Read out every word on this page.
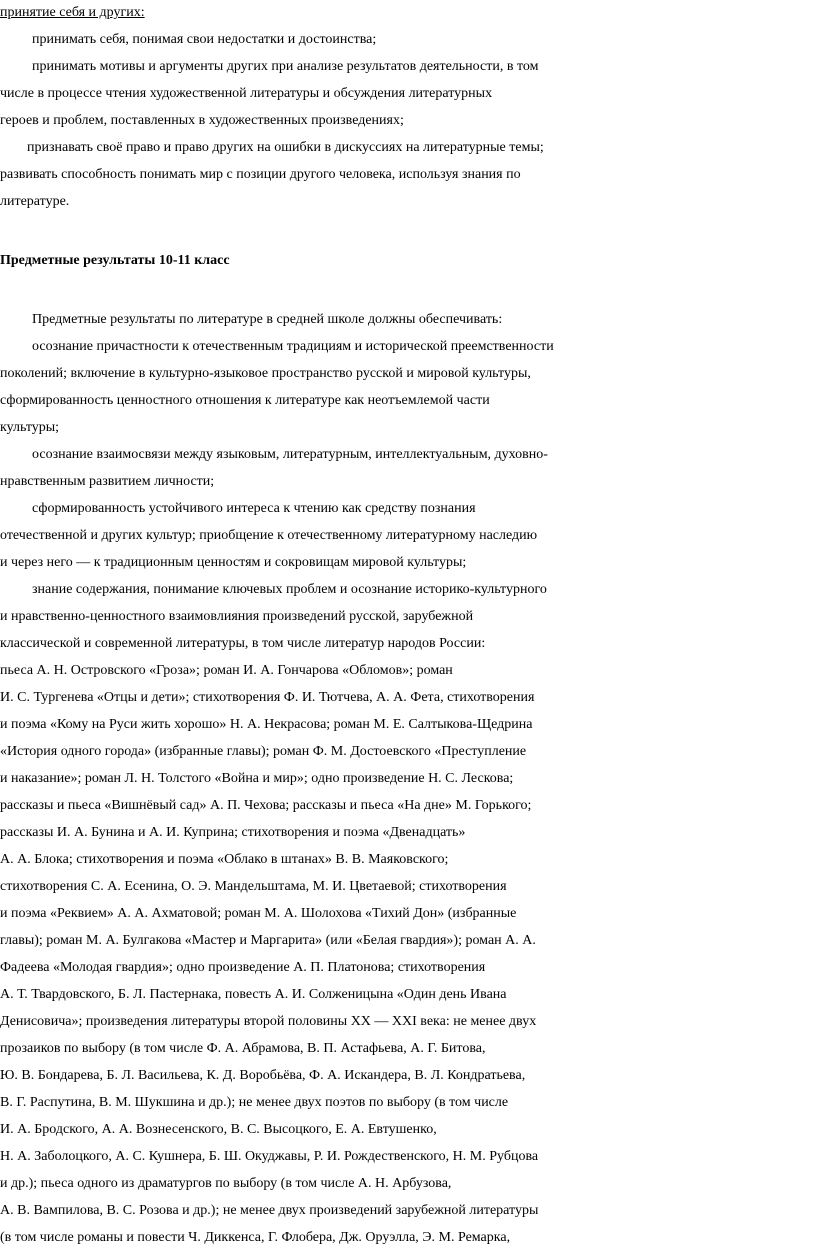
принятие себя и других:
принимать себя, понимая свои недостатки и достоинства;
принимать мотивы и аргументы других при анализе результатов деятельности, в том
числе в процессе чтения художественной литературы и обсуждения литературных
героев и проблем, поставленных в художественных произведениях;
признавать своё право и право других на ошибки в дискуссиях на литературные темы;
развивать способность понимать мир с позиции другого человека, используя знания по
литературе.
Предметные результаты 10-11 класс
Предметные результаты по литературе в средней школе должны обеспечивать:
осознание причастности к отечественным традициям и исторической преемственности
поколений; включение в культурно-языковое пространство русской и мировой культуры,
сформированность ценностного отношения к литературе как неотъемлемой части
культуры;
осознание взаимосвязи между языковым, литературным, интеллектуальным, духовно-
нравственным развитием личности;
сформированность устойчивого интереса к чтению как средству познания
отечественной и других культур; приобщение к отечественному литературному наследию
и через него — к традиционным ценностям и сокровищам мировой культуры;
знание содержания, понимание ключевых проблем и осознание историко-культурного
и нравственно-ценностного взаимовлияния произведений русской, зарубежной
классической и современной литературы, в том числе литератур народов России:
пьеса А. Н. Островского «Гроза»; роман И. А. Гончарова «Обломов»; роман
И. С. Тургенева «Отцы и дети»; стихотворения Ф. И. Тютчева, А. А. Фета, стихотворения
и поэма «Кому на Руси жить хорошо» Н. А. Некрасова; роман М. Е. Салтыкова-Щедрина
«История одного города» (избранные главы); роман Ф. М. Достоевского «Преступление
и наказание»; роман Л. Н. Толстого «Война и мир»; одно произведение Н. С. Лескова;
рассказы и пьеса «Вишнёвый сад» А. П. Чехова; рассказы и пьеса «На дне» М. Горького;
рассказы И. А. Бунина и А. И. Куприна; стихотворения и поэма «Двенадцать»
А. А. Блока; стихотворения и поэма «Облако в штанах» В. В. Маяковского;
стихотворения С. А. Есенина, О. Э. Мандельштама, М. И. Цветаевой; стихотворения
и поэма «Реквием» А. А. Ахматовой; роман М. А. Шолохова «Тихий Дон» (избранные
главы); роман М. А. Булгакова «Мастер и Маргарита» (или «Белая гвардия»); роман А. А.
Фадеева «Молодая гвардия»; одно произведение А. П. Платонова; стихотворения
А. Т. Твардовского, Б. Л. Пастернака, повесть А. И. Солженицына «Один день Ивана
Денисовича»; произведения литературы второй половины XX — XXI века: не менее двух
прозаиков по выбору (в том числе Ф. А. Абрамова, В. П. Астафьева, А. Г. Битова,
Ю. В. Бондарева, Б. Л. Васильева, К. Д. Воробьёва, Ф. А. Искандера, В. Л. Кондратьева,
В. Г. Распутина, В. М. Шукшина и др.); не менее двух поэтов по выбору (в том числе
И. А. Бродского, А. А. Вознесенского, В. С. Высоцкого, Е. А. Евтушенко,
Н. А. Заболоцкого, А. С. Кушнера, Б. Ш. Окуджавы, Р. И. Рождественского, Н. М. Рубцова
и др.); пьеса одного из драматургов по выбору (в том числе А. Н. Арбузова,
А. В. Вампилова, В. С. Розова и др.); не менее двух произведений зарубежной литературы
(в том числе романы и повести Ч. Диккенса, Г. Флобера, Дж. Оруэлла, Э. М. Ремарка,
